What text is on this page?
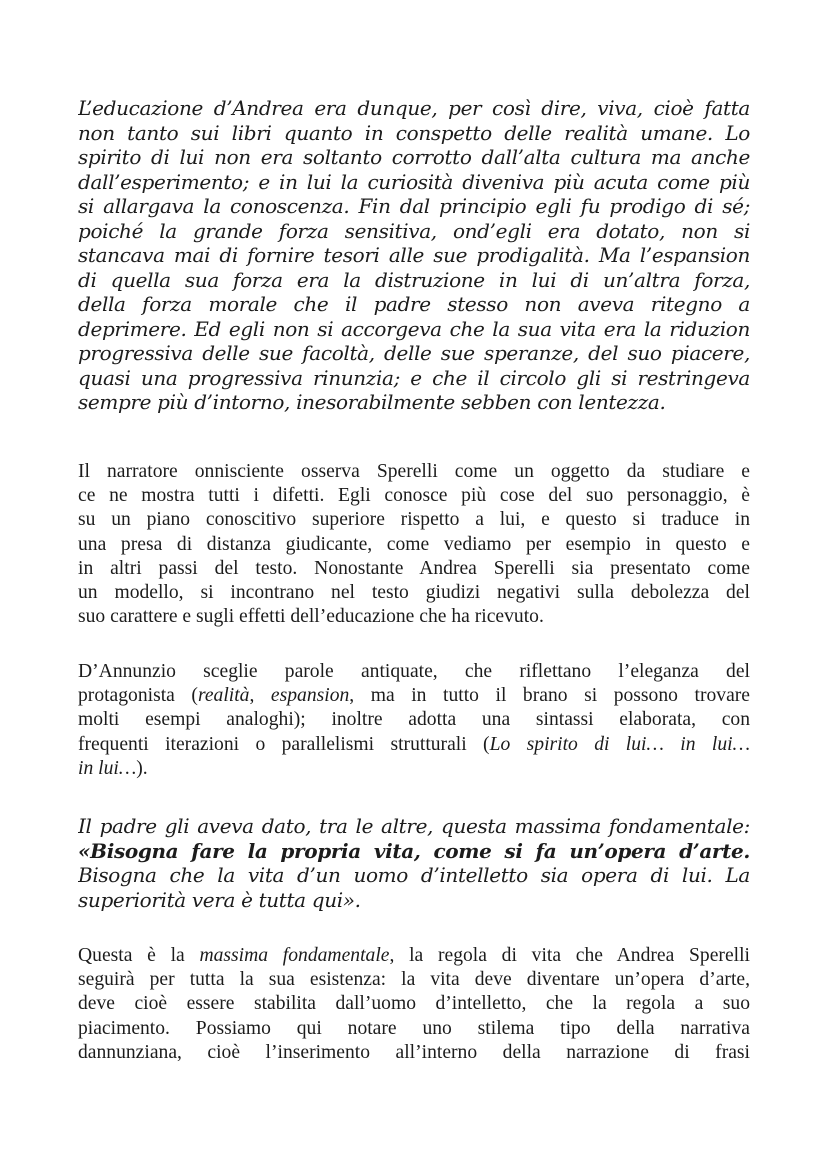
L’educazione d’Andrea era dunque, per così dire, viva, cioè fatta
non tanto sui libri quanto in conspetto delle realità umane. Lo
spirito di lui non era soltanto corrotto dall’alta cultura ma anche
dall’esperimento; e in lui la curiosità diveniva più acuta come più
si allargava la conoscenza. Fin dal principio egli fu prodigo di sé;
poiché la grande forza sensitiva, ond’egli era dotato, non si
stancava mai di fornire tesori alle sue prodigalità. Ma l’espansion
di quella sua forza era la distruzione in lui di un’altra forza,
della forza morale che il padre stesso non aveva ritegno a
deprimere. Ed egli non si accorgeva che la sua vita era la riduzion
progressiva delle sue facoltà, delle sue speranze, del suo piacere,
quasi una progressiva rinunzia; e che il circolo gli si restringeva
sempre più d’intorno, inesorabilmente sebben con lentezza.
Il narratore onnisciente osserva Sperelli come un oggetto da studiare e
ce ne mostra tutti i difetti. Egli conosce più cose del suo personaggio, è
su un piano conoscitivo superiore rispetto a lui, e questo si traduce in
una presa di distanza giudicante, come vediamo per esempio in questo e
in altri passi del testo. Nonostante Andrea Sperelli sia presentato come
un modello, si incontrano nel testo giudizi negativi sulla debolezza del
suo carattere e sugli effetti dell’educazione che ha ricevuto.
D’Annunzio sceglie parole antiquate, che riflettano l’eleganza del
protagonista (realità, espansion, ma in tutto il brano si possono trovare
molti esempi analoghi); inoltre adotta una sintassi elaborata, con
frequenti iterazioni o parallelismi strutturali (Lo spirito di lui… in lui…
in lui…).
Il padre gli aveva dato, tra le altre, questa massima fondamentale:
«Bisogna fare la propria vita, come si fa un’opera d’arte.
Bisogna che la vita d’un uomo d’intelletto sia opera di lui. La
superiorità vera è tutta qui».
Questa è la massima fondamentale, la regola di vita che Andrea Sperelli
seguirà per tutta la sua esistenza: la vita deve diventare un’opera d’arte,
deve cioè essere stabilita dall’uomo d’intelletto, che la regola a suo
piacimento. Possiamo qui notare uno stilema tipo della narrativa
dannunziana, cioè l’inserimento all’interno della narrazione di frasi
